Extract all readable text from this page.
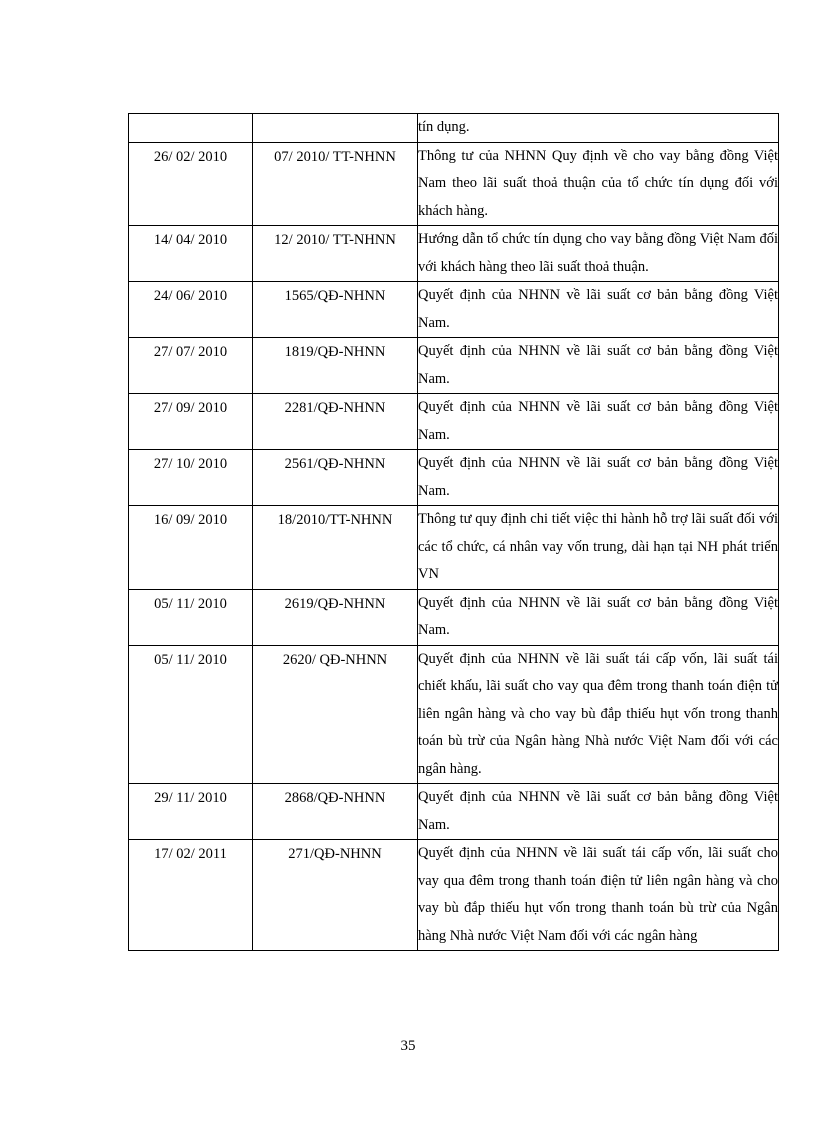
		tín dụng.
26/ 02/ 2010	07/ 2010/ TT-NHNN	Thông tư của NHNN Quy định về cho vay bằng đồng Việt Nam theo lãi suất thoả thuận của tổ chức tín dụng đối với khách hàng.
14/ 04/ 2010	12/ 2010/ TT-NHNN	Hướng dẫn tổ chức tín dụng cho vay bằng đồng Việt Nam đối với khách hàng theo lãi suất thoả thuận.
24/ 06/ 2010	1565/QĐ-NHNN	Quyết định của NHNN về lãi suất cơ bản bằng đồng Việt Nam.
27/ 07/ 2010	1819/QĐ-NHNN	Quyết định của NHNN về lãi suất cơ bản bằng đồng Việt Nam.
27/ 09/ 2010	2281/QĐ-NHNN	Quyết định của NHNN về lãi suất cơ bản bằng đồng Việt Nam.
27/ 10/ 2010	2561/QĐ-NHNN	Quyết định của NHNN về lãi suất cơ bản bằng đồng Việt Nam.
16/ 09/ 2010	18/2010/TT-NHNN	Thông tư quy định chi tiết việc thi hành hỗ trợ lãi suất đối với các tổ chức, cá nhân vay vốn trung, dài hạn tại NH phát triển VN
05/ 11/ 2010	2619/QĐ-NHNN	Quyết định của NHNN về lãi suất cơ bản bằng đồng Việt Nam.
05/ 11/ 2010	2620/ QĐ-NHNN	Quyết định của NHNN về lãi suất tái cấp vốn, lãi suất tái chiết khấu, lãi suất cho vay qua đêm trong thanh toán điện tử liên ngân hàng và cho vay bù đắp thiếu hụt vốn trong thanh toán bù trừ của Ngân hàng Nhà nước Việt Nam đối với các ngân hàng.
29/ 11/ 2010	2868/QĐ-NHNN	Quyết định của NHNN về lãi suất cơ bản bằng đồng Việt Nam.
17/ 02/ 2011	271/QĐ-NHNN	Quyết định của NHNN về lãi suất tái cấp vốn, lãi suất cho vay qua đêm trong thanh toán điện tử liên ngân hàng và cho vay bù đắp thiếu hụt vốn trong thanh toán bù trừ của Ngân hàng Nhà nước Việt Nam đối với các ngân hàng
35
